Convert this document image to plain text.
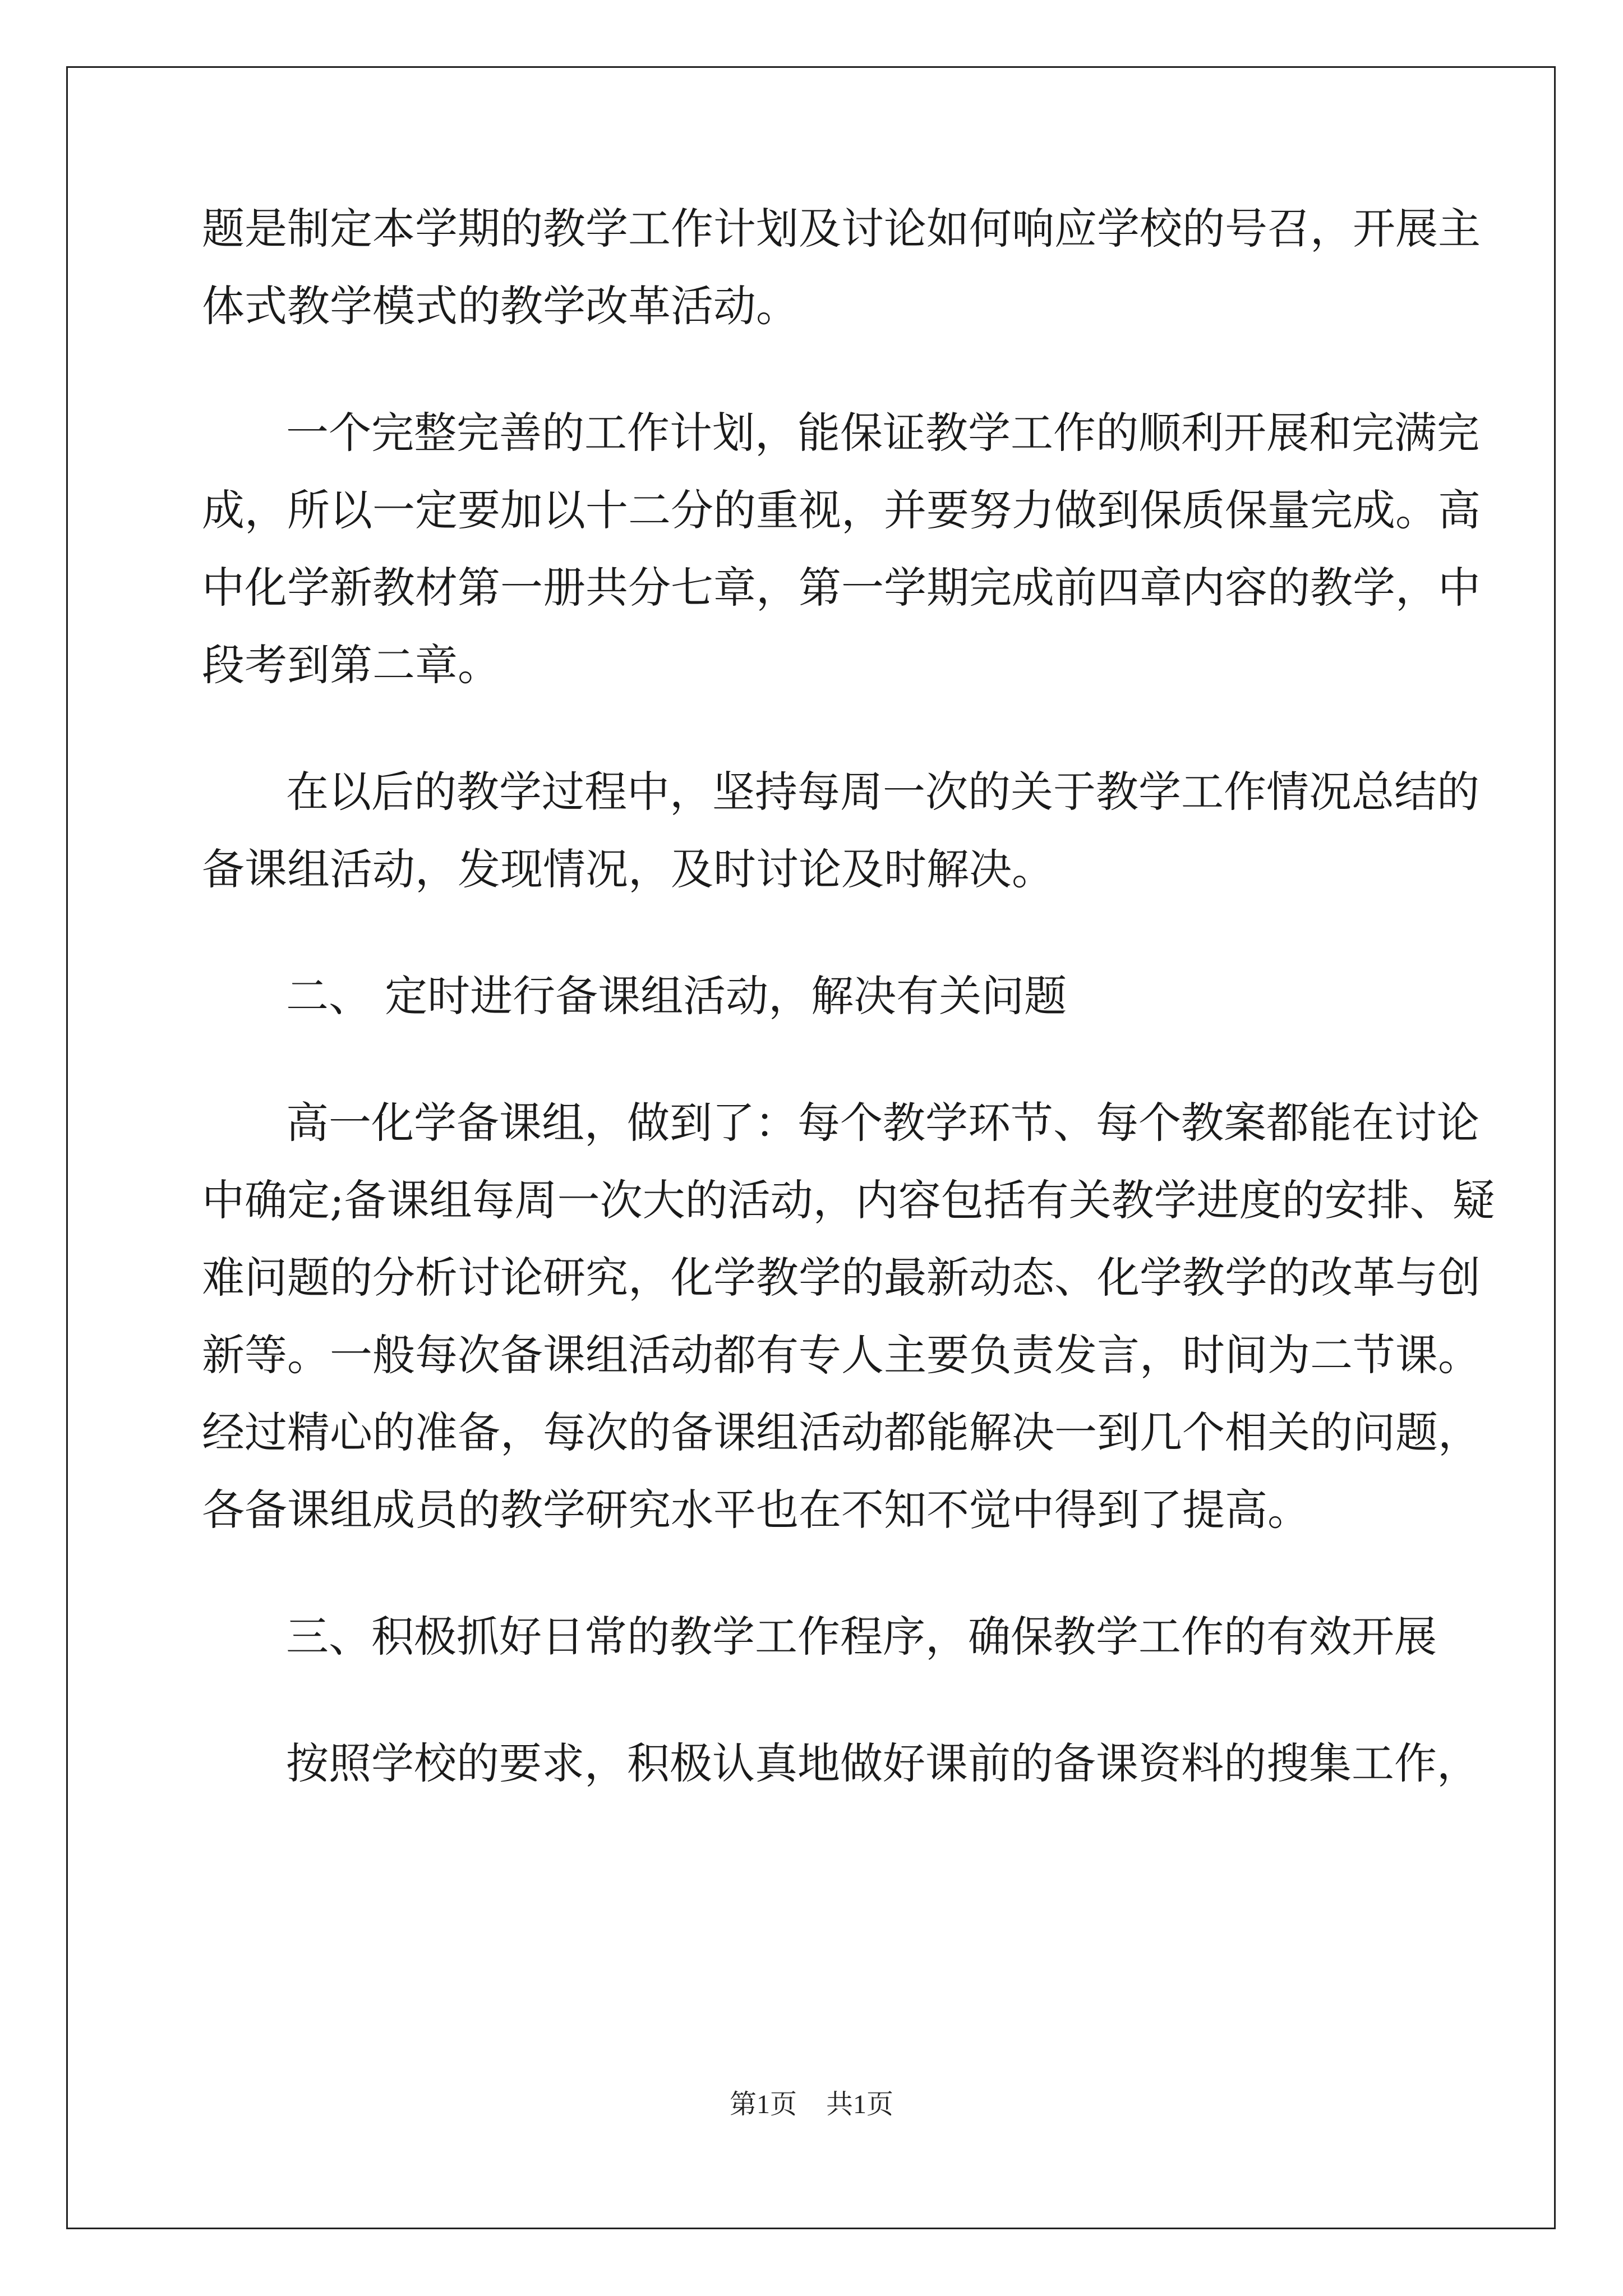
题是制定本学期的教学工作计划及讨论如何响应学校的号召，开展主
体式教学模式的教学改革活动。
一个完整完善的工作计划，能保证教学工作的顺利开展和完满完
成，所以一定要加以十二分的重视，并要努力做到保质保量完成。高
中化学新教材第一册共分七章，第一学期完成前四章内容的教学，中
段考到第二章。
在以后的教学过程中，坚持每周一次的关于教学工作情况总结的
备课组活动，发现情况，及时讨论及时解决。
二、 定时进行备课组活动，解决有关问题
高一化学备课组，做到了：每个教学环节、每个教案都能在讨论
中确定;备课组每周一次大的活动，内容包括有关教学进度的安排、疑
难问题的分析讨论研究，化学教学的最新动态、化学教学的改革与创
新等。一般每次备课组活动都有专人主要负责发言，时间为二节课。
经过精心的准备，每次的备课组活动都能解决一到几个相关的问题，
各备课组成员的教学研究水平也在不知不觉中得到了提高。
三、积极抓好日常的教学工作程序，确保教学工作的有效开展
按照学校的要求，积极认真地做好课前的备课资料的搜集工作，
第1页 共1页
